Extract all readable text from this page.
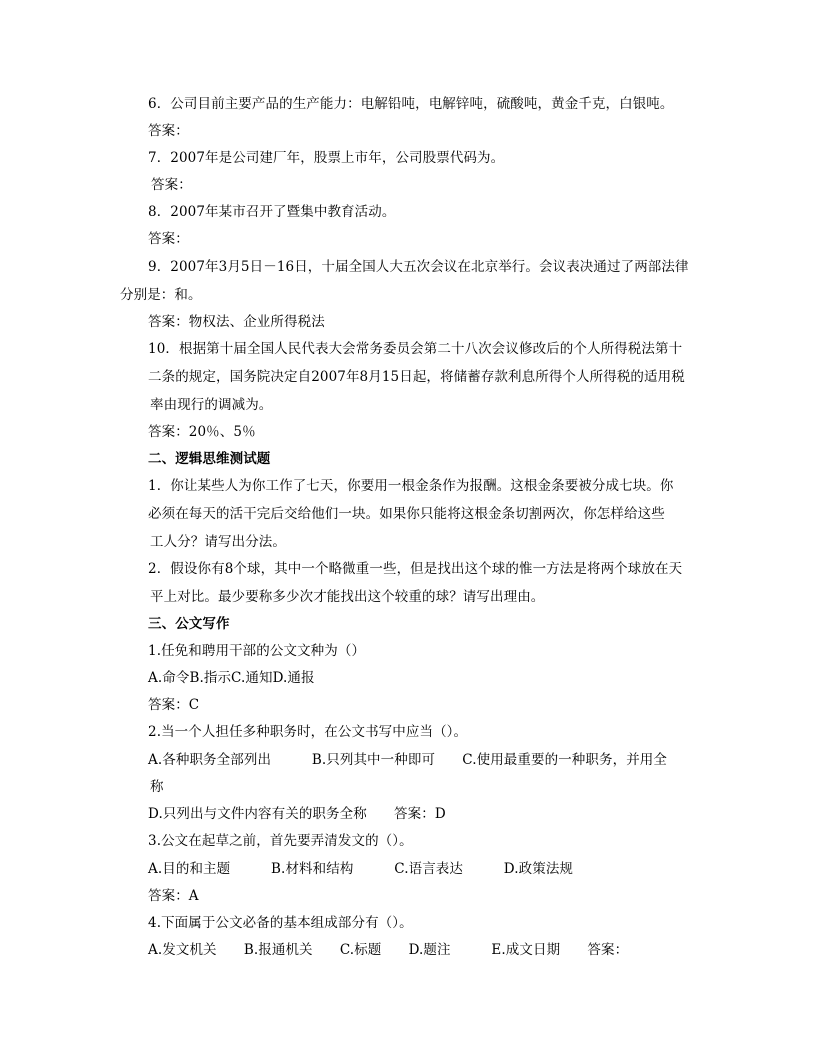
6．公司目前主要产品的生产能力：电解铅吨，电解锌吨，硫酸吨，黄金千克，白银吨。
答案：
7．2007年是公司建厂年，股票上市年，公司股票代码为。
答案：
8．2007年某市召开了暨集中教育活动。
答案：
9．2007年3月5日－16日，十届全国人大五次会议在北京举行。会议表决通过了两部法律
分别是：和。
答案：物权法、企业所得税法
10．根据第十届全国人民代表大会常务委员会第二十八次会议修改后的个人所得税法第十
二条的规定，国务院决定自2007年8月15日起，将储蓄存款利息所得个人所得税的适用税
率由现行的调减为。
答案：20％、5％
二、逻辑思维测试题
1．你让某些人为你工作了七天，你要用一根金条作为报酬。这根金条要被分成七块。你
必须在每天的活干完后交给他们一块。如果你只能将这根金条切割两次，你怎样给这些
工人分？请写出分法。
2．假设你有8个球，其中一个略微重一些，但是找出这个球的惟一方法是将两个球放在天
平上对比。最少要称多少次才能找出这个较重的球？请写出理由。
三、公文写作
1.任免和聘用干部的公文文种为（）
A.命令B.指示C.通知D.通报
答案：C
2.当一个人担任多种职务时，在公文书写中应当（）。
A.各种职务全部列出　　　B.只列其中一种即可　　C.使用最重要的一种职务，并用全
称
D.只列出与文件内容有关的职务全称　　答案：D
3.公文在起草之前，首先要弄清发文的（）。
A.目的和主题　　　B.材料和结构　　　C.语言表达　　　D.政策法规
答案：A
4.下面属于公文必备的基本组成部分有（）。
A.发文机关　　B.报通机关　　C.标题　　D.题注　　　E.成文日期　　答案：
